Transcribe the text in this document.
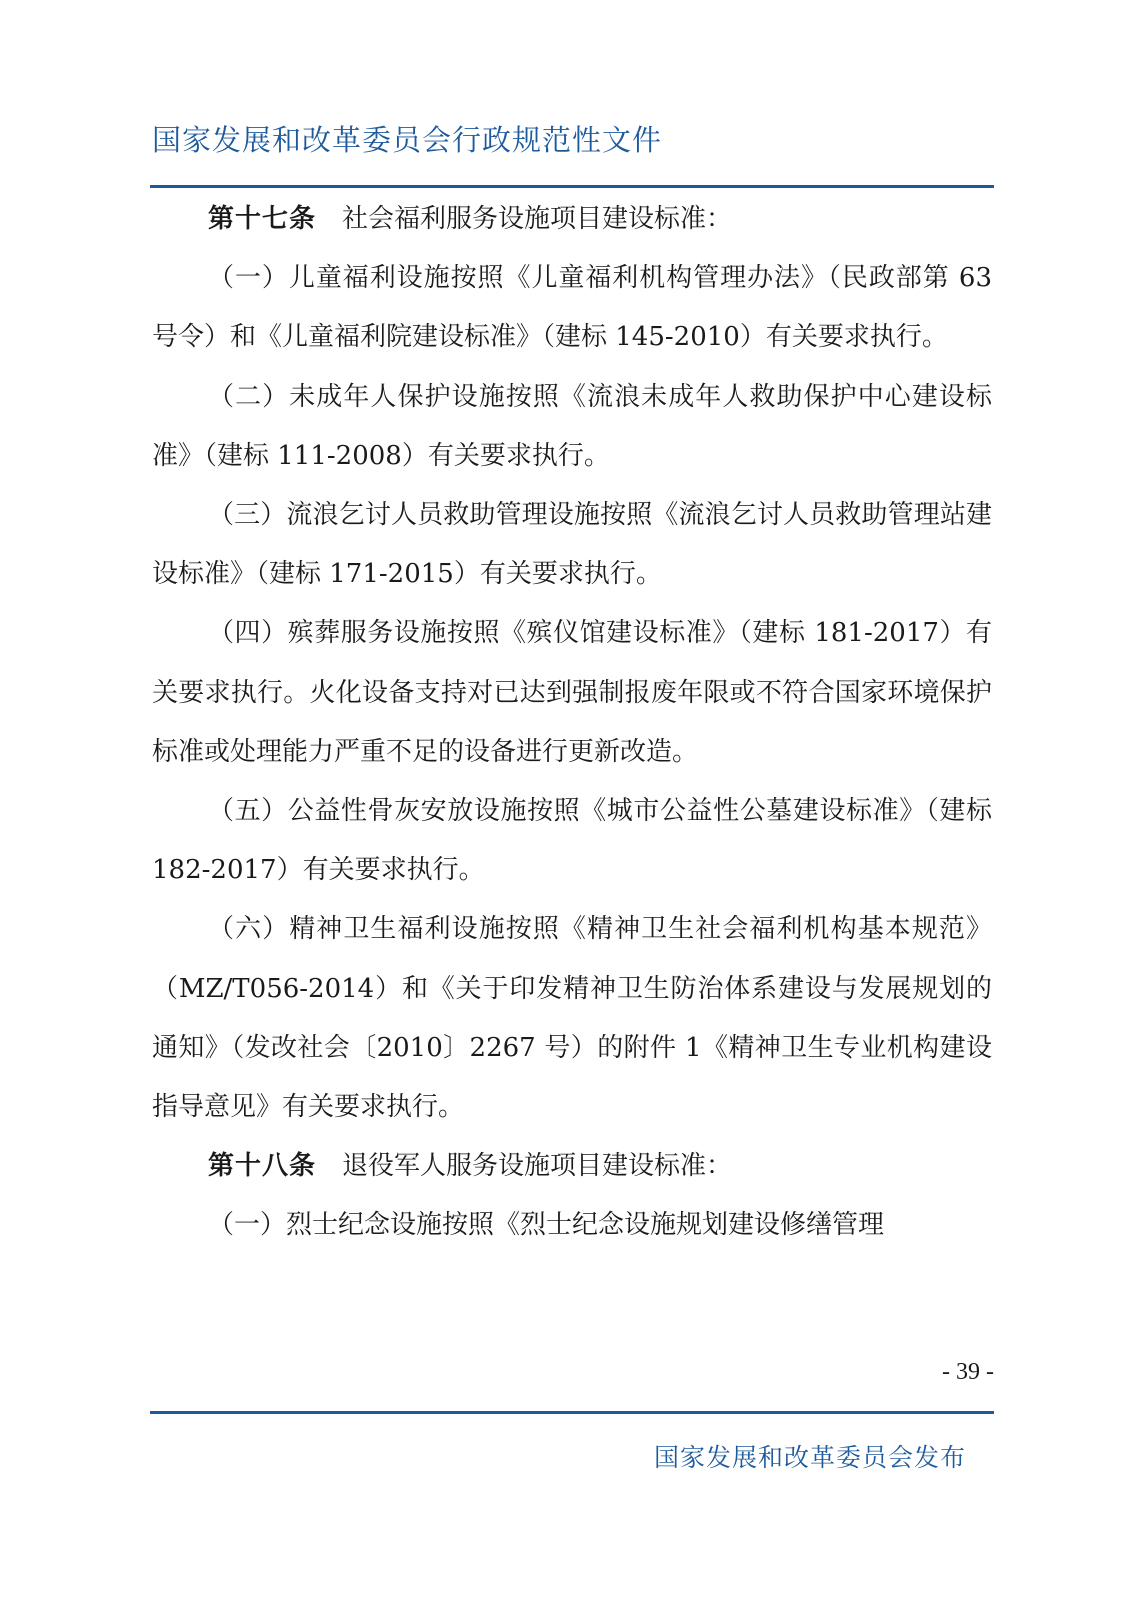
国家发展和改革委员会行政规范性文件

第十七条 社会福利服务设施项目建设标准：

（一）儿童福利设施按照《儿童福利机构管理办法》（民政部第 63 号令）和《儿童福利院建设标准》（建标 145-2010）有关要求执行。

（二）未成年人保护设施按照《流浪未成年人救助保护中心建设标准》（建标 111-2008）有关要求执行。

（三）流浪乞讨人员救助管理设施按照《流浪乞讨人员救助管理站建设标准》（建标 171-2015）有关要求执行。

（四）殡葬服务设施按照《殡仪馆建设标准》（建标 181-2017）有关要求执行。火化设备支持对已达到强制报废年限或不符合国家环境保护标准或处理能力严重不足的设备进行更新改造。

（五）公益性骨灰安放设施按照《城市公益性公墓建设标准》（建标 182-2017）有关要求执行。

（六）精神卫生福利设施按照《精神卫生社会福利机构基本规范》（MZ/T056-2014）和《关于印发精神卫生防治体系建设与发展规划的通知》（发改社会〔2010〕2267 号）的附件 1《精神卫生专业机构建设指导意见》有关要求执行。

第十八条 退役军人服务设施项目建设标准：

（一）烈士纪念设施按照《烈士纪念设施规划建设修缮管理

- 39 -
国家发展和改革委员会发布
